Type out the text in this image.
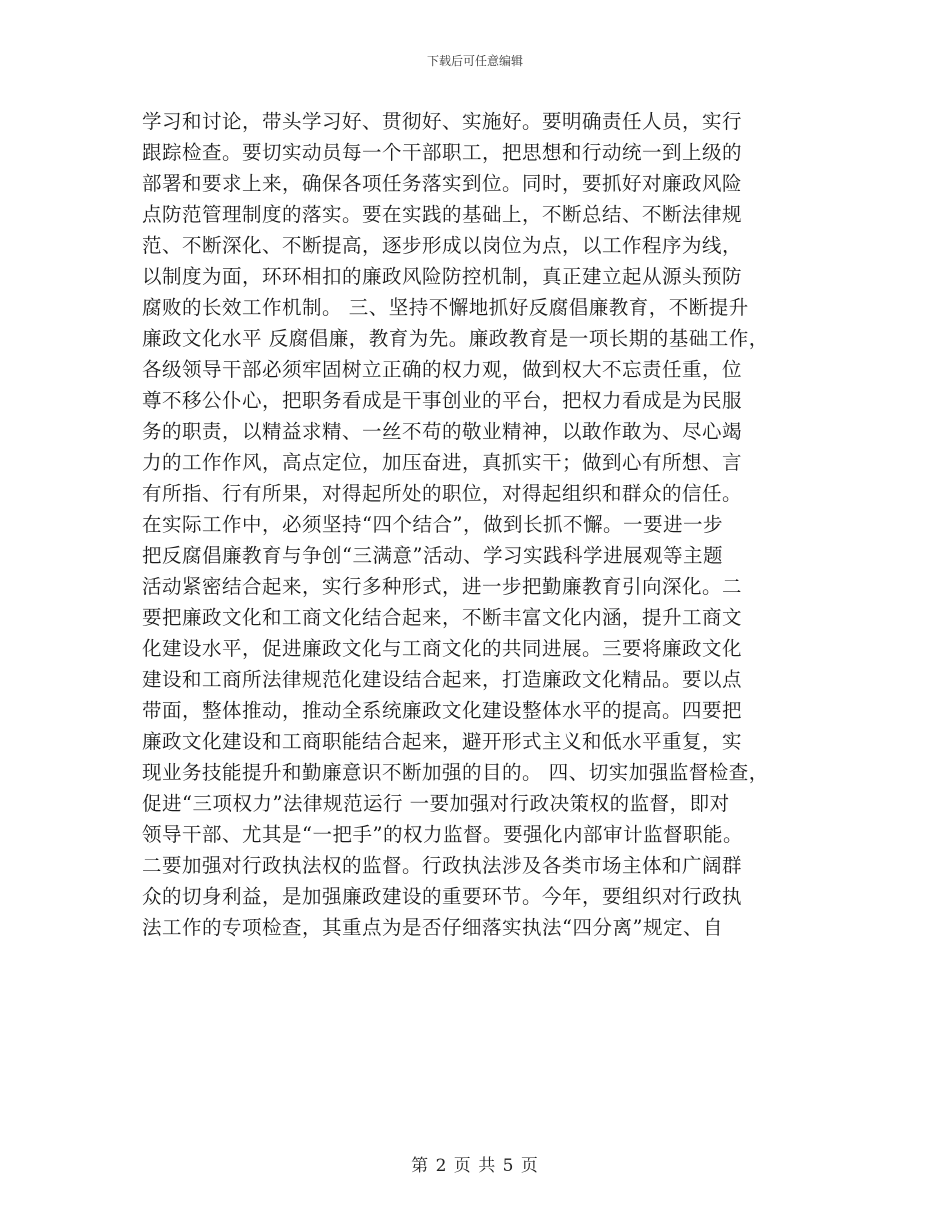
下载后可任意编辑
学习和讨论，带头学习好、贯彻好、实施好。要明确责任人员，实行
跟踪检查。要切实动员每一个干部职工，把思想和行动统一到上级的
部署和要求上来，确保各项任务落实到位。同时，要抓好对廉政风险
点防范管理制度的落实。要在实践的基础上，不断总结、不断法律规
范、不断深化、不断提高，逐步形成以岗位为点，以工作程序为线，
以制度为面，环环相扣的廉政风险防控机制，真正建立起从源头预防
腐败的长效工作机制。 三、坚持不懈地抓好反腐倡廉教育，不断提升
廉政文化水平 反腐倡廉，教育为先。廉政教育是一项长期的基础工作，
各级领导干部必须牢固树立正确的权力观，做到权大不忘责任重，位
尊不移公仆心，把职务看成是干事创业的平台，把权力看成是为民服
务的职责，以精益求精、一丝不苟的敬业精神，以敢作敢为、尽心竭
力的工作作风，高点定位，加压奋进，真抓实干；做到心有所想、言
有所指、行有所果，对得起所处的职位，对得起组织和群众的信任。
在实际工作中，必须坚持“四个结合”，做到长抓不懈。一要进一步
把反腐倡廉教育与争创“三满意”活动、学习实践科学进展观等主题
活动紧密结合起来，实行多种形式，进一步把勤廉教育引向深化。二
要把廉政文化和工商文化结合起来，不断丰富文化内涵，提升工商文
化建设水平，促进廉政文化与工商文化的共同进展。三要将廉政文化
建设和工商所法律规范化建设结合起来，打造廉政文化精品。要以点
带面，整体推动，推动全系统廉政文化建设整体水平的提高。四要把
廉政文化建设和工商职能结合起来，避开形式主义和低水平重复，实
现业务技能提升和勤廉意识不断加强的目的。 四、切实加强监督检查，
促进“三项权力”法律规范运行 一要加强对行政决策权的监督，即对
领导干部、尤其是“一把手”的权力监督。要强化内部审计监督职能。
二要加强对行政执法权的监督。行政执法涉及各类市场主体和广阔群
众的切身利益，是加强廉政建设的重要环节。今年，要组织对行政执
法工作的专项检查，其重点为是否仔细落实执法“四分离”规定、自
第 2 页 共 5 页
